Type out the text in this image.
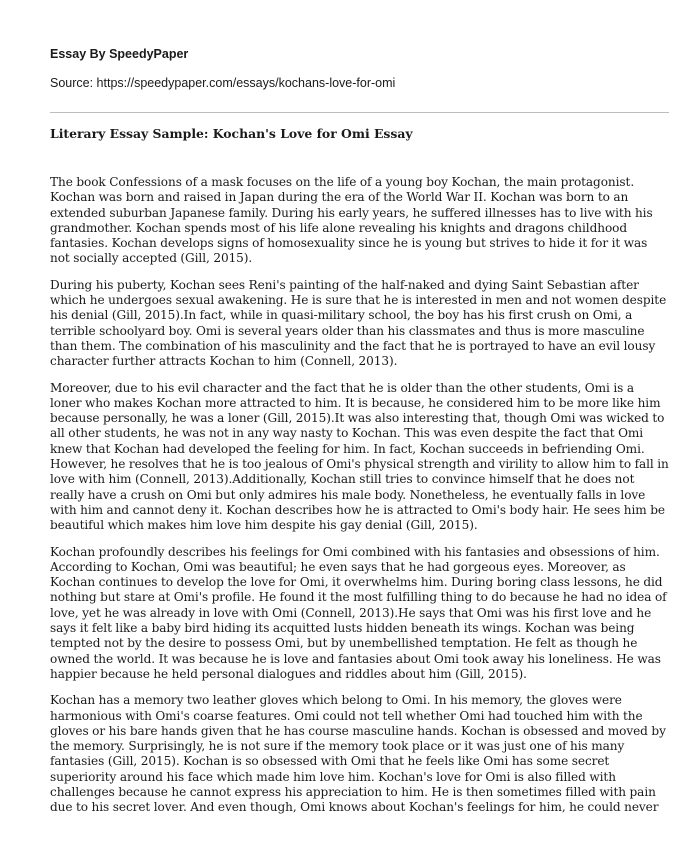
Essay By SpeedyPaper
Source: https://speedypaper.com/essays/kochans-love-for-omi
Literary Essay Sample: Kochan's Love for Omi Essay

The book Confessions of a mask focuses on the life of a young boy Kochan, the main protagonist. Kochan was born and raised in Japan during the era of the World War II. Kochan was born to an extended suburban Japanese family. During his early years, he suffered illnesses has to live with his grandmother. Kochan spends most of his life alone revealing his knights and dragons childhood fantasies. Kochan develops signs of homosexuality since he is young but strives to hide it for it was not socially accepted (Gill, 2015).

During his puberty, Kochan sees Reni's painting of the half-naked and dying Saint Sebastian after which he undergoes sexual awakening. He is sure that he is interested in men and not women despite his denial (Gill, 2015).In fact, while in quasi-military school, the boy has his first crush on Omi, a terrible schoolyard boy. Omi is several years older than his classmates and thus is more masculine than them. The combination of his masculinity and the fact that he is portrayed to have an evil lousy character further attracts Kochan to him (Connell, 2013).

Moreover, due to his evil character and the fact that he is older than the other students, Omi is a loner who makes Kochan more attracted to him. It is because, he considered him to be more like him because personally, he was a loner (Gill, 2015).It was also interesting that, though Omi was wicked to all other students, he was not in any way nasty to Kochan. This was even despite the fact that Omi knew that Kochan had developed the feeling for him. In fact, Kochan succeeds in befriending Omi. However, he resolves that he is too jealous of Omi's physical strength and virility to allow him to fall in love with him (Connell, 2013).Additionally, Kochan still tries to convince himself that he does not really have a crush on Omi but only admires his male body. Nonetheless, he eventually falls in love with him and cannot deny it. Kochan describes how he is attracted to Omi's body hair. He sees him be beautiful which makes him love him despite his gay denial (Gill, 2015).

Kochan profoundly describes his feelings for Omi combined with his fantasies and obsessions of him. According to Kochan, Omi was beautiful; he even says that he had gorgeous eyes. Moreover, as Kochan continues to develop the love for Omi, it overwhelms him. During boring class lessons, he did nothing but stare at Omi's profile. He found it the most fulfilling thing to do because he had no idea of love, yet he was already in love with Omi (Connell, 2013).He says that Omi was his first love and he says it felt like a baby bird hiding its acquitted lusts hidden beneath its wings. Kochan was being tempted not by the desire to possess Omi, but by unembellished temptation. He felt as though he owned the world. It was because he is love and fantasies about Omi took away his loneliness. He was happier because he held personal dialogues and riddles about him (Gill, 2015).

Kochan has a memory two leather gloves which belong to Omi. In his memory, the gloves were harmonious with Omi's coarse features. Omi could not tell whether Omi had touched him with the gloves or his bare hands given that he has course masculine hands. Kochan is obsessed and moved by the memory. Surprisingly, he is not sure if the memory took place or it was just one of his many fantasies (Gill, 2015). Kochan is so obsessed with Omi that he feels like Omi has some secret superiority around his face which made him love him. Kochan's love for Omi is also filled with challenges because he cannot express his appreciation to him. He is then sometimes filled with pain due to his secret lover. And even though, Omi knows about Kochan's feelings for him, he could never
